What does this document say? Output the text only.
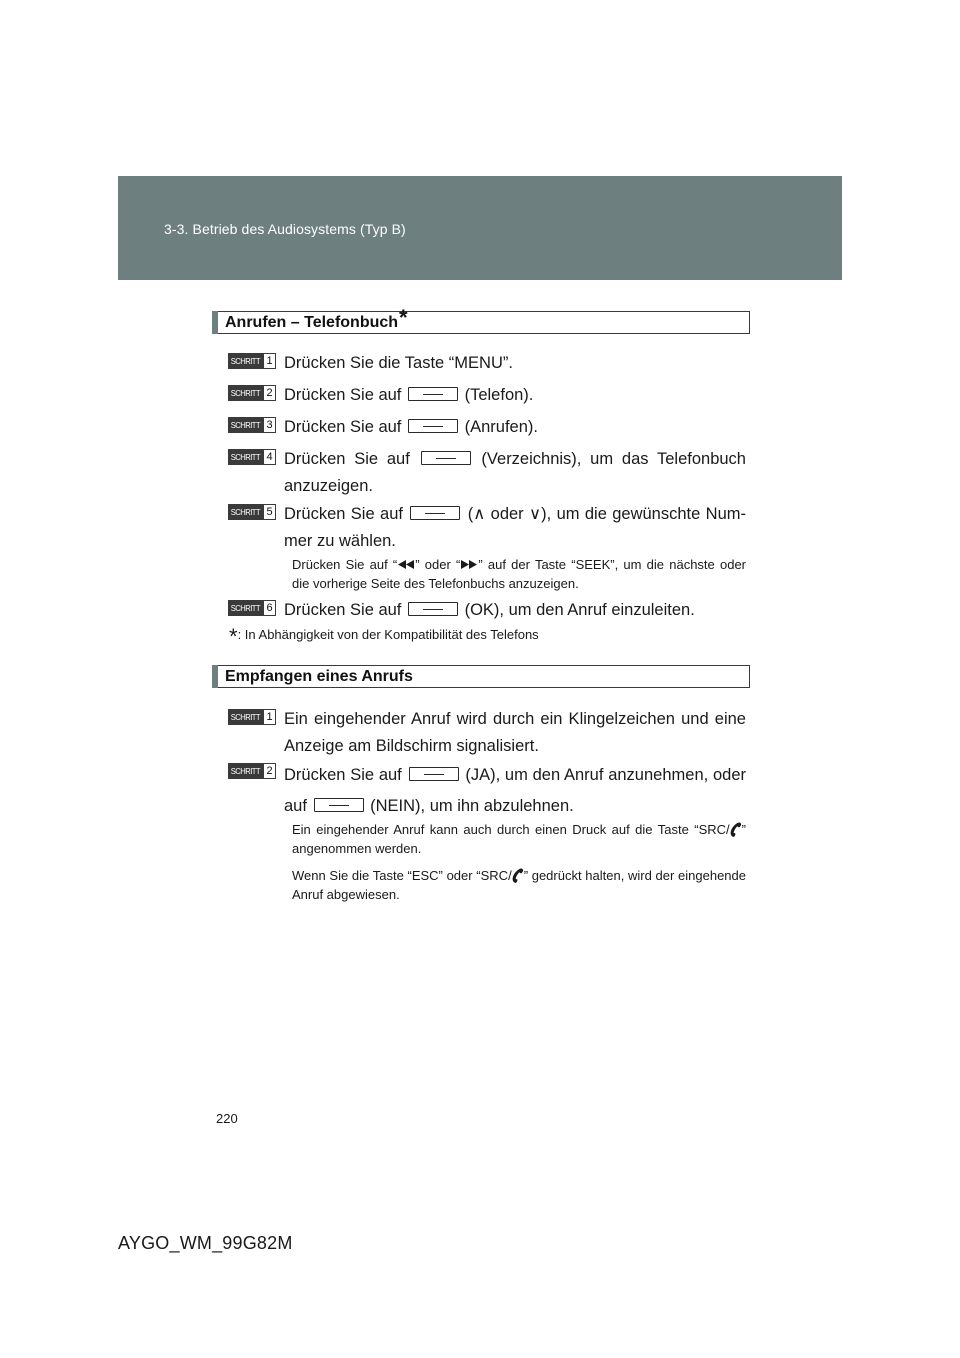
3-3. Betrieb des Audiosystems (Typ B)
Anrufen – Telefonbuch*
SCHRITT 1 Drücken Sie die Taste “MENU”.
SCHRITT 2 Drücken Sie auf	(Telefon).
SCHRITT 3 Drücken Sie auf	(Anrufen).
SCHRITT 4 Drücken Sie auf	(Verzeichnis), um das Telefonbuch anzuzeigen.
SCHRITT 5 Drücken Sie auf	(∧ oder ∨), um die gewünschte Num-mer zu wählen.
Drücken Sie auf “ ” oder “ ” auf der Taste “SEEK”, um die nächste oder die vorherige Seite des Telefonbuchs anzuzeigen.
SCHRITT 6 Drücken Sie auf	(OK), um den Anruf einzuleiten.
*: In Abhängigkeit von der Kompatibilität des Telefons
Empfangen eines Anrufs
SCHRITT 1 Ein eingehender Anruf wird durch ein Klingelzeichen und eine Anzeige am Bildschirm signalisiert.
SCHRITT 2 Drücken Sie auf	(JA), um den Anruf anzunehmen, oder auf	(NEIN), um ihn abzulehnen.
Ein eingehender Anruf kann auch durch einen Druck auf die Taste “SRC/ ” angenommen werden.
Wenn Sie die Taste “ESC” oder “SRC/ ” gedrückt halten, wird der eingehende Anruf abgewiesen.
220
AYGO_WM_99G82M
